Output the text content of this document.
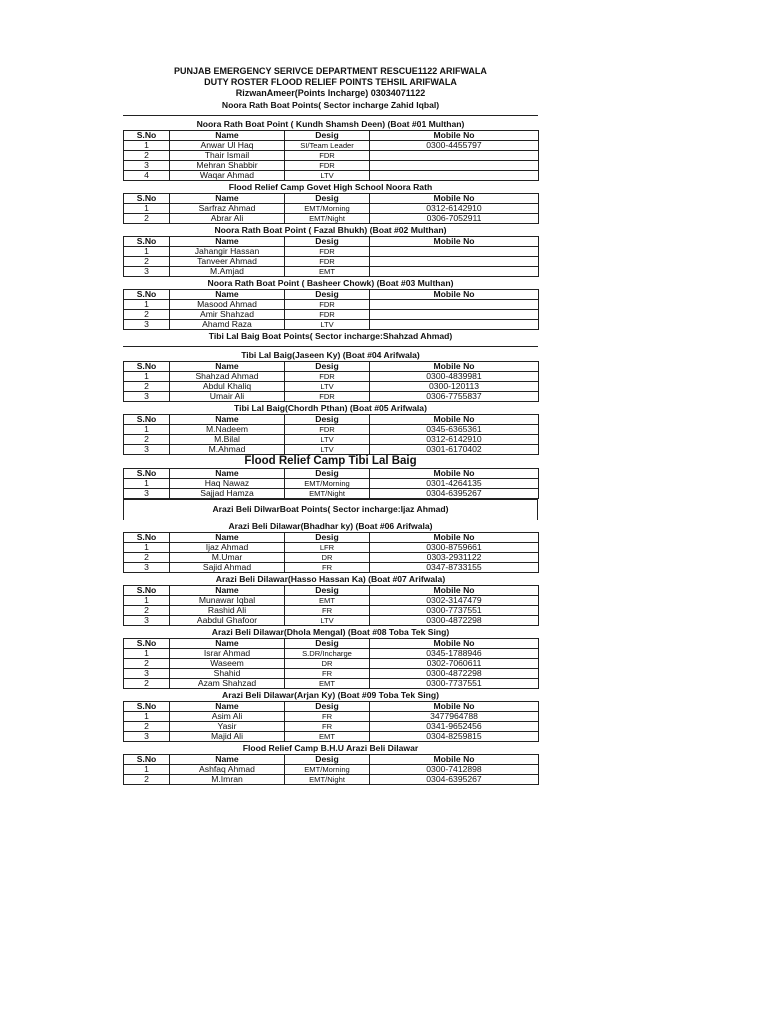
PUNJAB EMERGENCY SERIVCE DEPARTMENT RESCUE1122 ARIFWALA
DUTY ROSTER FLOOD RELIEF POINTS TEHSIL ARIFWALA
RizwanAmeer(Points Incharge) 03034071122
Noora Rath Boat Points( Sector incharge Zahid Iqbal)
Noora Rath Boat Point ( Kundh Shamsh Deen) (Boat #01 Multhan)
S.No	Name	Desig	Mobile No
1	Anwar Ul Haq	SI/Team Leader	0300-4455797
2	Thair Ismail	FDR	
3	Mehran Shabbir	FDR	
4	Waqar Ahmad	LTV	
Flood Relief Camp Govet High School Noora Rath
S.No	Name	Desig	Mobile No
1	Sarfraz Ahmad	EMT/Morning	0312-6142910
2	Abrar Ali	EMT/Night	0306-7052911
Noora Rath Boat Point ( Fazal Bhukh) (Boat #02 Multhan)
S.No	Name	Desig	Mobile No
1	Jahangir Hassan	FDR	
2	Tanveer Ahmad	FDR	
3	M.Amjad	EMT	
Noora Rath Boat Point ( Basheer Chowk) (Boat #03 Multhan)
S.No	Name	Desig	Mobile No
1	Masood Ahmad	FDR	
2	Amir Shahzad	FDR	
3	Ahamd Raza	LTV	
Tibi Lal Baig Boat Points( Sector incharge:Shahzad Ahmad)
Tibi Lal Baig(Jaseen Ky) (Boat #04 Arifwala)
S.No	Name	Desig	Mobile No
1	Shahzad Ahmad	FDR	0300-4839981
2	Abdul Khaliq	LTV	0300-120113
3	Umair Ali	FDR	0306-7755837
Tibi Lal Baig(Chordh Pthan) (Boat #05 Arifwala)
S.No	Name	Desig	Mobile No
1	M.Nadeem	FDR	0345-6365361
2	M.Bilal	LTV	0312-6142910
3	M.Ahmad	LTV	0301-6170402
Flood Relief Camp Tibi Lal Baig
S.No	Name	Desig	Mobile No
1	Haq Nawaz	EMT/Morning	0301-4264135
3	Sajjad Hamza	EMT/Night	0304-6395267
Arazi Beli DilwarBoat Points( Sector incharge:Ijaz Ahmad)
Arazi Beli Dilawar(Bhadhar ky) (Boat #06 Arifwala)
S.No	Name	Desig	Mobile No
1	Ijaz Ahmad	LFR	0300-8759661
2	M.Umar	DR	0303-2931122
3	Sajid Ahmad	FR	0347-8733155
Arazi Beli Dilawar(Hasso Hassan Ka) (Boat #07 Arifwala)
S.No	Name	Desig	Mobile No
1	Munawar Iqbal	EMT	0302-3147479
2	Rashid Ali	FR	0300-7737551
3	Aabdul Ghafoor	LTV	0300-4872298
Arazi Beli Dilawar(Dhola Mengal) (Boat #08 Toba Tek Sing)
S.No	Name	Desig	Mobile No
1	Israr Ahmad	S.DR/Incharge	0345-1788946
2	Waseem	DR	0302-7060611
3	Shahid	FR	0300-4872298
2	Azam Shahzad	EMT	0300-7737551
Arazi Beli Dilawar(Arjan Ky) (Boat #09 Toba Tek Sing)
S.No	Name	Desig	Mobile No
1	Asim Ali	FR	3477964788
2	Yasir	FR	0341-9652456
3	Majid Ali	EMT	0304-8259815
Flood Relief Camp B.H.U Arazi Beli Dilawar
S.No	Name	Desig	Mobile No
1	Ashfaq Ahmad	EMT/Morning	0300-7412898
2	M.Imran	EMT/Night	0304-6395267
